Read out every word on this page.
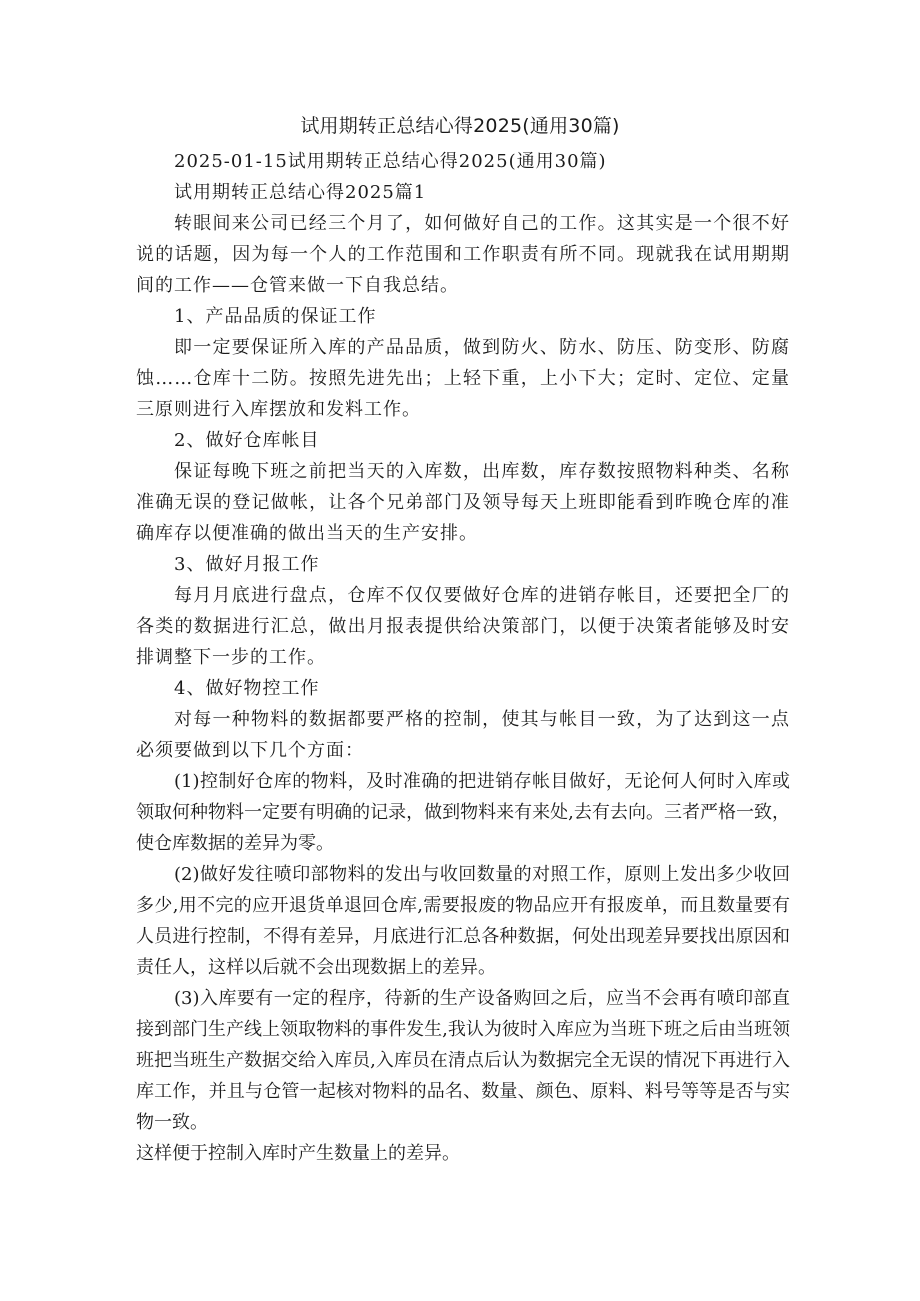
试用期转正总结心得2025(通用30篇)

2025-01-15试用期转正总结心得2025(通用30篇)

试用期转正总结心得2025篇1

转眼间来公司已经三个月了，如何做好自己的工作。这其实是一个很不好说的话题，因为每一个人的工作范围和工作职责有所不同。现就我在试用期期间的工作——仓管来做一下自我总结。

1、产品品质的保证工作

即一定要保证所入库的产品品质，做到防火、防水、防压、防变形、防腐蚀……仓库十二防。按照先进先出；上轻下重，上小下大；定时、定位、定量三原则进行入库摆放和发料工作。

2、做好仓库帐目

保证每晚下班之前把当天的入库数，出库数，库存数按照物料种类、名称准确无误的登记做帐，让各个兄弟部门及领导每天上班即能看到昨晚仓库的准确库存以便准确的做出当天的生产安排。

3、做好月报工作

每月月底进行盘点，仓库不仅仅要做好仓库的进销存帐目，还要把全厂的各类的数据进行汇总，做出月报表提供给决策部门，以便于决策者能够及时安排调整下一步的工作。

4、做好物控工作

对每一种物料的数据都要严格的控制，使其与帐目一致，为了达到这一点必须要做到以下几个方面：

(1)控制好仓库的物料，及时准确的把进销存帐目做好，无论何人何时入库或领取何种物料一定要有明确的记录，做到物料来有来处,去有去向。三者严格一致，使仓库数据的差异为零。

(2)做好发往喷印部物料的发出与收回数量的对照工作，原则上发出多少收回多少,用不完的应开退货单退回仓库,需要报废的物品应开有报废单，而且数量要有人员进行控制，不得有差异，月底进行汇总各种数据，何处出现差异要找出原因和责任人，这样以后就不会出现数据上的差异。

(3)入库要有一定的程序，待新的生产设备购回之后，应当不会再有喷印部直接到部门生产线上领取物料的事件发生,我认为彼时入库应为当班下班之后由当班领班把当班生产数据交给入库员,入库员在清点后认为数据完全无误的情况下再进行入库工作，并且与仓管一起核对物料的品名、数量、颜色、原料、料号等等是否与实物一致。

这样便于控制入库时产生数量上的差异。
